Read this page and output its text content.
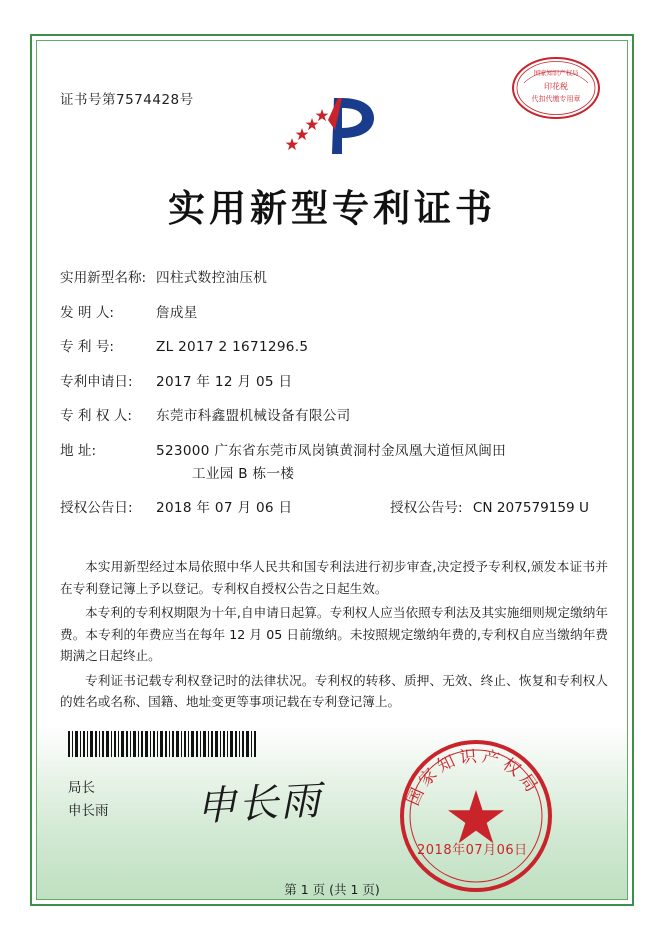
证书号第7574428号
国家知识产权局
印花税
代扣代缴专用章
实用新型专利证书
实用新型名称: 四柱式数控油压机
发 明 人:	詹成星
专 利 号:	ZL 2017 2 1671296.5
专利申请日:	2017 年 12 月 05 日
专 利 权 人:	东莞市科鑫盟机械设备有限公司
地 址:	523000 广东省东莞市凤岗镇黄洞村金凤凰大道恒风闽田
工业园 B 栋一楼
授权公告日:	2018 年 07 月 06 日	授权公告号: CN 207579159 U

本实用新型经过本局依照中华人民共和国专利法进行初步审查,决定授予专利权,颁发本证书并在专利登记簿上予以登记。专利权自授权公告之日起生效。

本专利的专利权期限为十年,自申请日起算。专利权人应当依照专利法及其实施细则规定缴纳年费。本专利的年费应当在每年 12 月 05 日前缴纳。未按照规定缴纳年费的,专利权自应当缴纳年费期满之日起终止。

专利证书记载专利权登记时的法律状况。专利权的转移、质押、无效、终止、恢复和专利权人的姓名或名称、国籍、地址变更等事项记载在专利登记簿上。

局长
申长雨 申长雨	国家知识产权局
2018年07月06日
第 1 页 (共 1 页)
